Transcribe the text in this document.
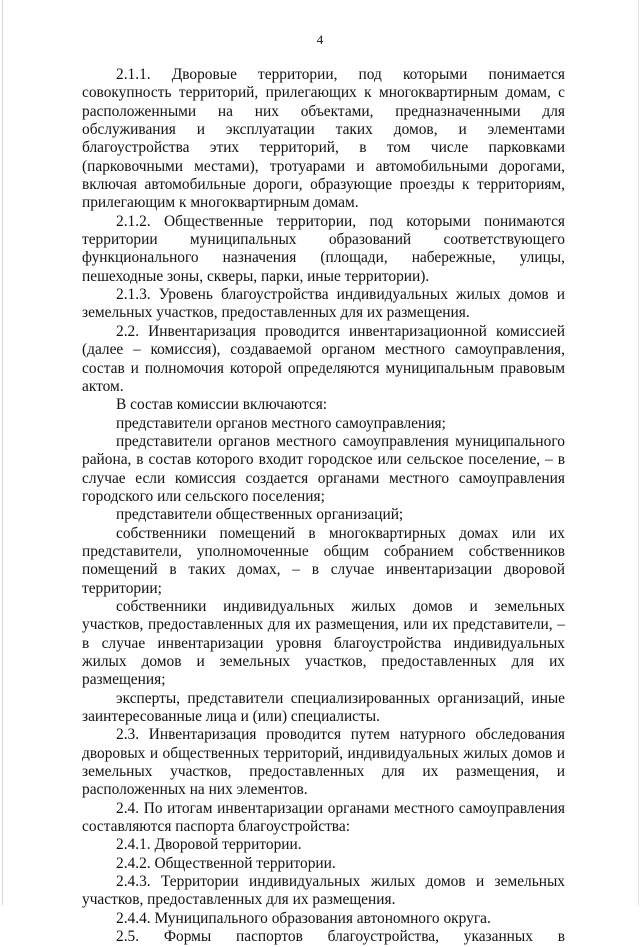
4

2.1.1. Дворовые территории, под которыми понимается совокупность территорий, прилегающих к многоквартирным домам, с расположенными на них объектами, предназначенными для обслуживания и эксплуатации таких домов, и элементами благоустройства этих территорий, в том числе парковками (парковочными местами), тротуарами и автомобильными дорогами, включая автомобильные дороги, образующие проезды к территориям, прилегающим к многоквартирным домам.

2.1.2. Общественные территории, под которыми понимаются территории муниципальных образований соответствующего функционального назначения (площади, набережные, улицы, пешеходные зоны, скверы, парки, иные территории).

2.1.3. Уровень благоустройства индивидуальных жилых домов и земельных участков, предоставленных для их размещения.

2.2. Инвентаризация проводится инвентаризационной комиссией (далее – комиссия), создаваемой органом местного самоуправления, состав и полномочия которой определяются муниципальным правовым актом.

В состав комиссии включаются:

представители органов местного самоуправления;

представители органов местного самоуправления муниципального района, в состав которого входит городское или сельское поселение, – в случае если комиссия создается органами местного самоуправления городского или сельского поселения;

представители общественных организаций;

собственники помещений в многоквартирных домах или их представители, уполномоченные общим собранием собственников помещений в таких домах, – в случае инвентаризации дворовой территории;

собственники индивидуальных жилых домов и земельных участков, предоставленных для их размещения, или их представители, – в случае инвентаризации уровня благоустройства индивидуальных жилых домов и земельных участков, предоставленных для их размещения;

эксперты, представители специализированных организаций, иные заинтересованные лица и (или) специалисты.

2.3. Инвентаризация проводится путем натурного обследования дворовых и общественных территорий, индивидуальных жилых домов и земельных участков, предоставленных для их размещения, и расположенных на них элементов.

2.4. По итогам инвентаризации органами местного самоуправления составляются паспорта благоустройства:

2.4.1. Дворовой территории.

2.4.2. Общественной территории.

2.4.3. Территории индивидуальных жилых домов и земельных участков, предоставленных для их размещения.

2.4.4. Муниципального образования автономного округа.

2.5. Формы паспортов благоустройства, указанных в
